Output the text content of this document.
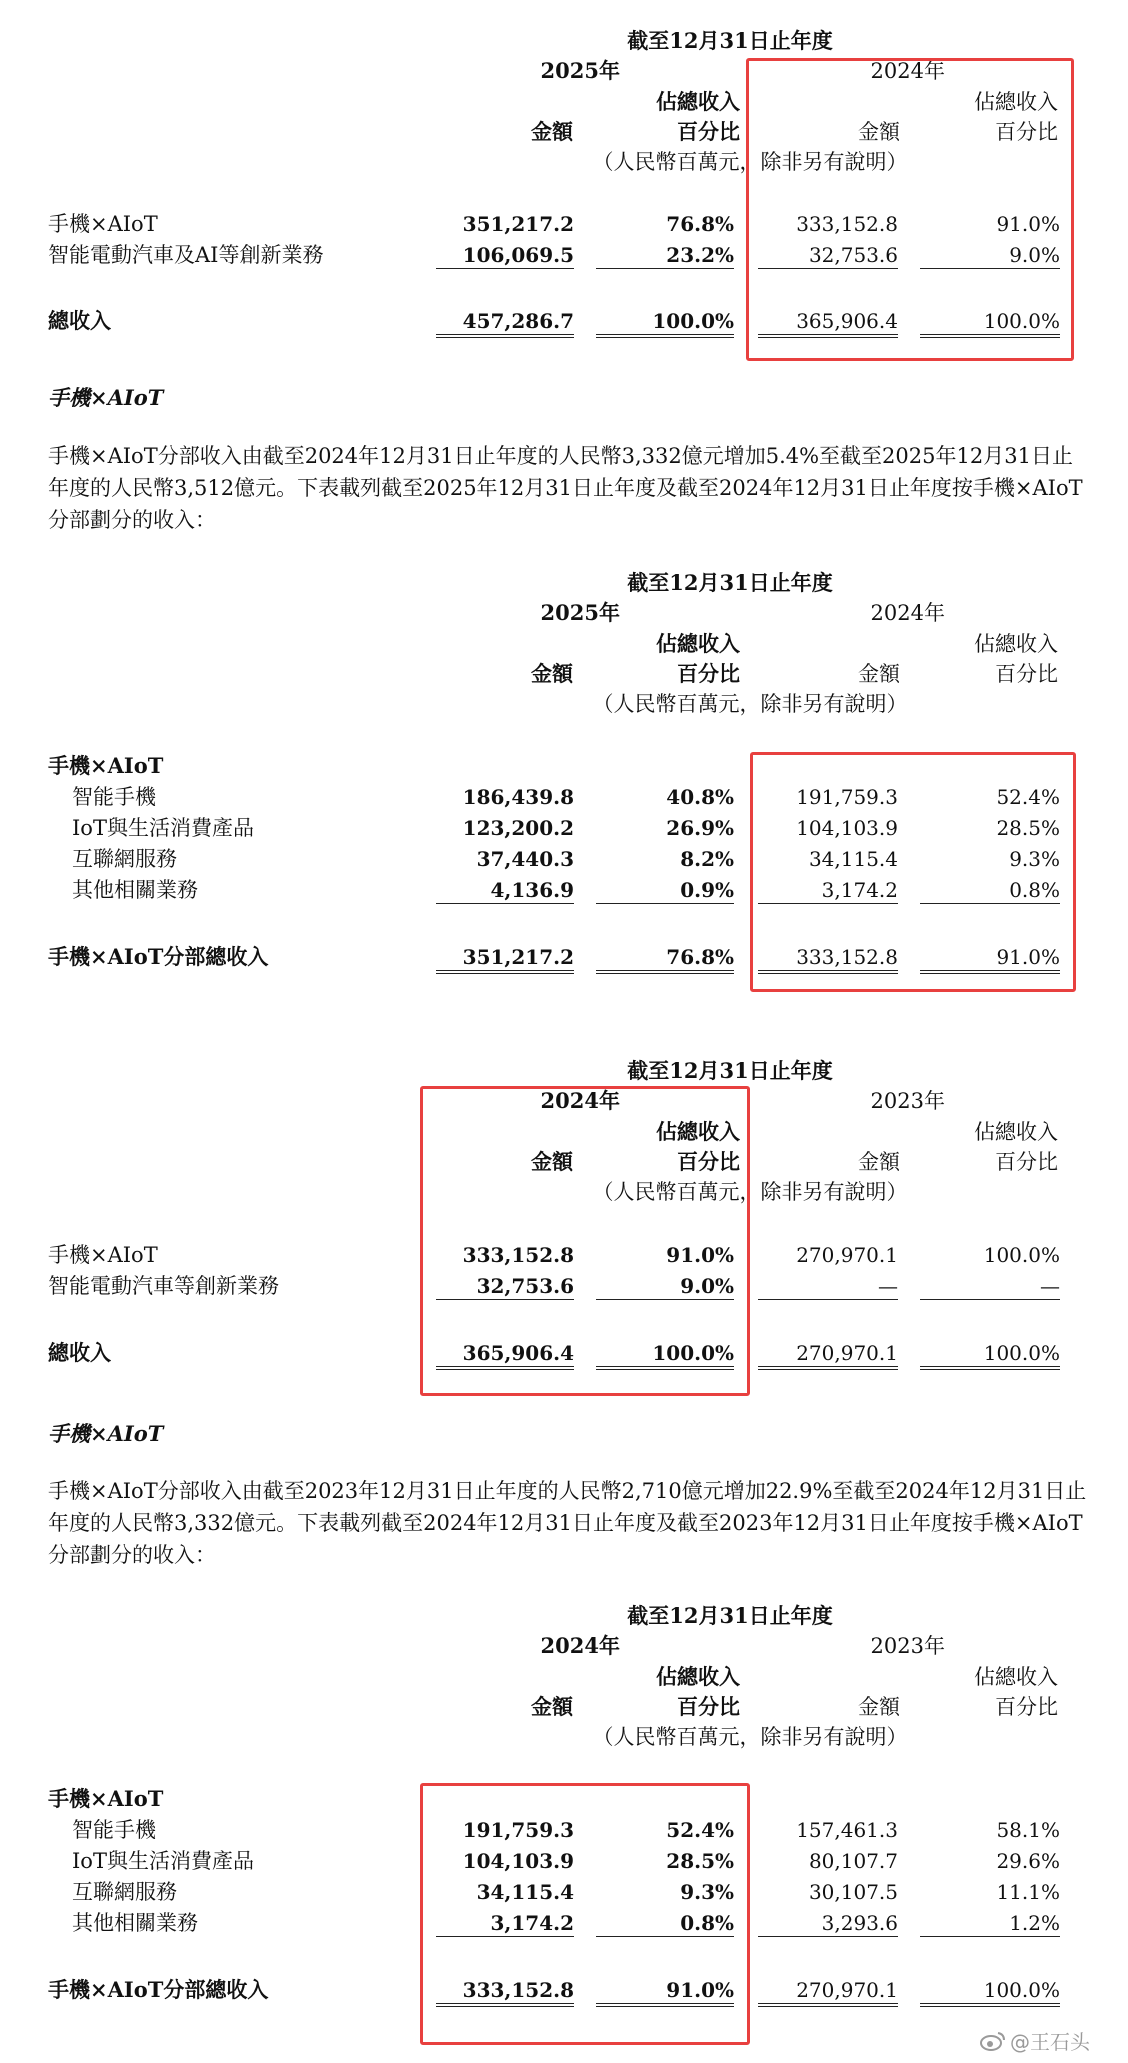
截至12月31日止年度
2025年	2024年
佔總收入	佔總收入
金額	百分比	金額	百分比
（人民幣百萬元，除非另有說明）
手機×AIoT	351,217.2	76.8%	333,152.8	91.0%
智能電動汽車及AI等創新業務	106,069.5	23.2%	32,753.6	9.0%
總收入	457,286.7	100.0%	365,906.4	100.0%
手機×AIoT
手機×AIoT分部收入由截至2024年12月31日止年度的人民幣3,332億元增加5.4%至截至2025年12月31日止年度的人民幣3,512億元。下表載列截至2025年12月31日止年度及截至2024年12月31日止年度按手機×AIoT分部劃分的收入：
截至12月31日止年度
2025年	2024年
佔總收入	佔總收入
金額	百分比	金額	百分比
（人民幣百萬元，除非另有說明）
手機×AIoT
智能手機	186,439.8	40.8%	191,759.3	52.4%
IoT與生活消費產品	123,200.2	26.9%	104,103.9	28.5%
互聯網服務	37,440.3	8.2%	34,115.4	9.3%
其他相關業務	4,136.9	0.9%	3,174.2	0.8%
手機×AIoT分部總收入	351,217.2	76.8%	333,152.8	91.0%
截至12月31日止年度
2024年	2023年
佔總收入	佔總收入
金額	百分比	金額	百分比
（人民幣百萬元，除非另有說明）
手機×AIoT	333,152.8	91.0%	270,970.1	100.0%
智能電動汽車等創新業務	32,753.6	9.0%	—	—
總收入	365,906.4	100.0%	270,970.1	100.0%
手機×AIoT
手機×AIoT分部收入由截至2023年12月31日止年度的人民幣2,710億元增加22.9%至截至2024年12月31日止年度的人民幣3,332億元。下表載列截至2024年12月31日止年度及截至2023年12月31日止年度按手機×AIoT分部劃分的收入：
截至12月31日止年度
2024年	2023年
佔總收入	佔總收入
金額	百分比	金額	百分比
（人民幣百萬元，除非另有說明）
手機×AIoT
智能手機	191,759.3	52.4%	157,461.3	58.1%
IoT與生活消費產品	104,103.9	28.5%	80,107.7	29.6%
互聯網服務	34,115.4	9.3%	30,107.5	11.1%
其他相關業務	3,174.2	0.8%	3,293.6	1.2%
手機×AIoT分部總收入	333,152.8	91.0%	270,970.1	100.0%
@王石头
